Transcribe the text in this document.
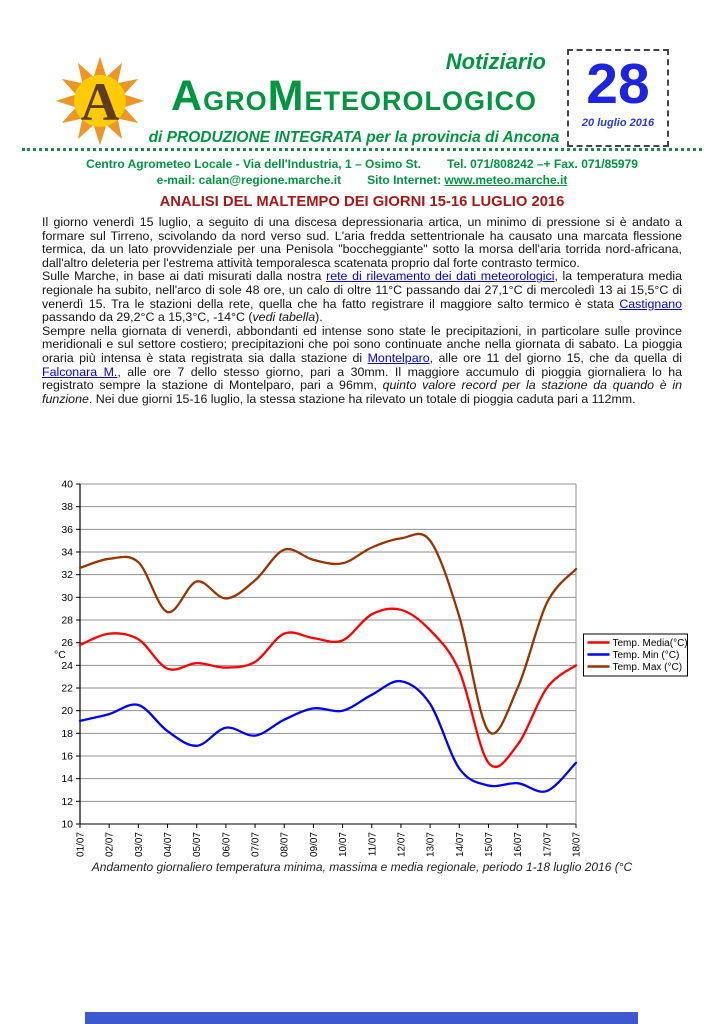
A
Notiziario
AGROMETEOROLOGICO
di PRODUZIONE INTEGRATA per la provincia di Ancona
28
20 luglio 2016
Centro Agrometeo Locale - Via dell'Industria, 1 – Osimo St. Tel. 071/808242 –+ Fax. 071/85979
e-mail: calan@regione.marche.it Sito Internet: www.meteo.marche.it
ANALISI DEL MALTEMPO DEI GIORNI 15-16 LUGLIO 2016

Il giorno venerdì 15 luglio, a seguito di una discesa depressionaria artica, un minimo di pressione si è andato a formare sul Tirreno, scivolando da nord verso sud. L'aria fredda settentrionale ha causato una marcata flessione termica, da un lato provvidenziale per una Penisola "boccheggiante" sotto la morsa dell'aria torrida nord-africana, dall'altro deleteria per l'estrema attività temporalesca scatenata proprio dal forte contrasto termico.

Sulle Marche, in base ai dati misurati dalla nostra rete di rilevamento dei dati meteorologici, la temperatura media regionale ha subito, nell'arco di sole 48 ore, un calo di oltre 11°C passando dai 27,1°C di mercoledì 13 ai 15,5°C di venerdì 15. Tra le stazioni della rete, quella che ha fatto registrare il maggiore salto termico è stata Castignano passando da 29,2°C a 15,3°C, -14°C (vedi tabella).

Sempre nella giornata di venerdì, abbondanti ed intense sono state le precipitazioni, in particolare sulle province meridionali e sul settore costiero; precipitazioni che poi sono continuate anche nella giornata di sabato. La pioggia oraria più intensa è stata registrata sia dalla stazione di Montelparo, alle ore 11 del giorno 15, che da quella di Falconara M., alle ore 7 dello stesso giorno, pari a 30mm. Il maggiore accumulo di pioggia giornaliera lo ha registrato sempre la stazione di Montelparo, pari a 96mm, quinto valore record per la stazione da quando è in funzione. Nei due giorni 15-16 luglio, la stessa stazione ha rilevato un totale di pioggia caduta pari a 112mm.

10
12
14
16
18
20
22
24
26
28
30
32
34
36
38
40
°C
01/07 02/07 03/07 04/07 05/07 06/07 07/07 08/07 09/07 10/07 11/07 12/07 13/07 14/07 15/07 16/07 17/07 18/07
Temp. Media(°C)
Temp. Min (°C)
Temp. Max (°C)
Andamento giornaliero temperatura minima, massima e media regionale, periodo 1-18 luglio 2016 (°C
